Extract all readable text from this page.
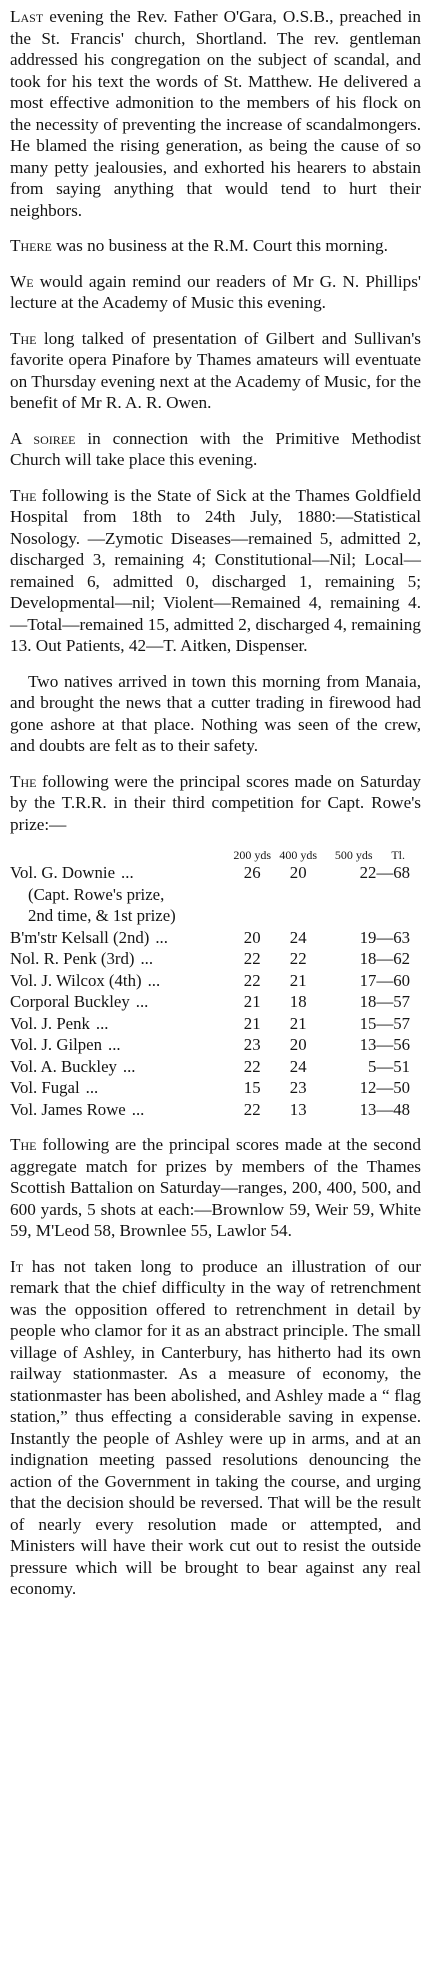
Last evening the Rev. Father O'Gara, O.S.B., preached in the St. Francis' church, Shortland. The rev. gentleman addressed his congregation on the subject of scandal, and took for his text the words of St. Matthew. He delivered a most effective admonition to the members of his flock on the necessity of preventing the increase of scandalmongers. He blamed the rising generation, as being the cause of so many petty jealousies, and exhorted his hearers to abstain from saying anything that would tend to hurt their neighbors.

There was no business at the R.M. Court this morning.

We would again remind our readers of Mr G. N. Phillips' lecture at the Academy of Music this evening.

The long talked of presentation of Gilbert and Sullivan's favorite opera Pinafore by Thames amateurs will eventuate on Thursday evening next at the Academy of Music, for the benefit of Mr R. A. R. Owen.

A soiree in connection with the Primitive Methodist Church will take place this evening.

The following is the State of Sick at the Thames Goldfield Hospital from 18th to 24th July, 1880:—Statistical Nosology. —Zymotic Diseases—remained 5, admitted 2, discharged 3, remaining 4; Constitutional—Nil; Local—remained 6, admitted 0, discharged 1, remaining 5; Developmental—nil; Violent—Remained 4, remaining 4.—Total—remained 15, admitted 2, discharged 4, remaining 13. Out Patients, 42—T. Aitken, Dispenser.

Two natives arrived in town this morning from Manaia, and brought the news that a cutter trading in firewood had gone ashore at that place. Nothing was seen of the crew, and doubts are felt as to their safety.

The following were the principal scores made on Saturday by the T.R.R. in their third competition for Capt. Rowe's prize:—

	200 yds	400 yds	500 yds	Tl.
Vol. G. Downie ...	26	20	22—68	
(Capt. Rowe's prize,				
2nd time, & 1st prize)				
B'm'str Kelsall (2nd) ...	20	24	19—63	
Nol. R. Penk (3rd) ...	22	22	18—62	
Vol. J. Wilcox (4th) ...	22	21	17—60	
Corporal Buckley ...	21	18	18—57	
Vol. J. Penk ...	21	21	15—57	
Vol. J. Gilpen ...	23	20	13—56	
Vol. A. Buckley ...	22	24	5—51	
Vol. Fugal ...	15	23	12—50	
Vol. James Rowe ...	22	13	13—48	

The following are the principal scores made at the second aggregate match for prizes by members of the Thames Scottish Battalion on Saturday—ranges, 200, 400, 500, and 600 yards, 5 shots at each:—Brownlow 59, Weir 59, White 59, M'Leod 58, Brownlee 55, Lawlor 54.

It has not taken long to produce an illustration of our remark that the chief difficulty in the way of retrenchment was the opposition offered to retrenchment in detail by people who clamor for it as an abstract principle. The small village of Ashley, in Canterbury, has hitherto had its own railway stationmaster. As a measure of economy, the stationmaster has been abolished, and Ashley made a “ flag station,” thus effecting a considerable saving in expense. Instantly the people of Ashley were up in arms, and at an indignation meeting passed resolutions denouncing the action of the Government in taking the course, and urging that the decision should be reversed. That will be the result of nearly every resolution made or attempted, and Ministers will have their work cut out to resist the outside pressure which will be brought to bear against any real economy.
